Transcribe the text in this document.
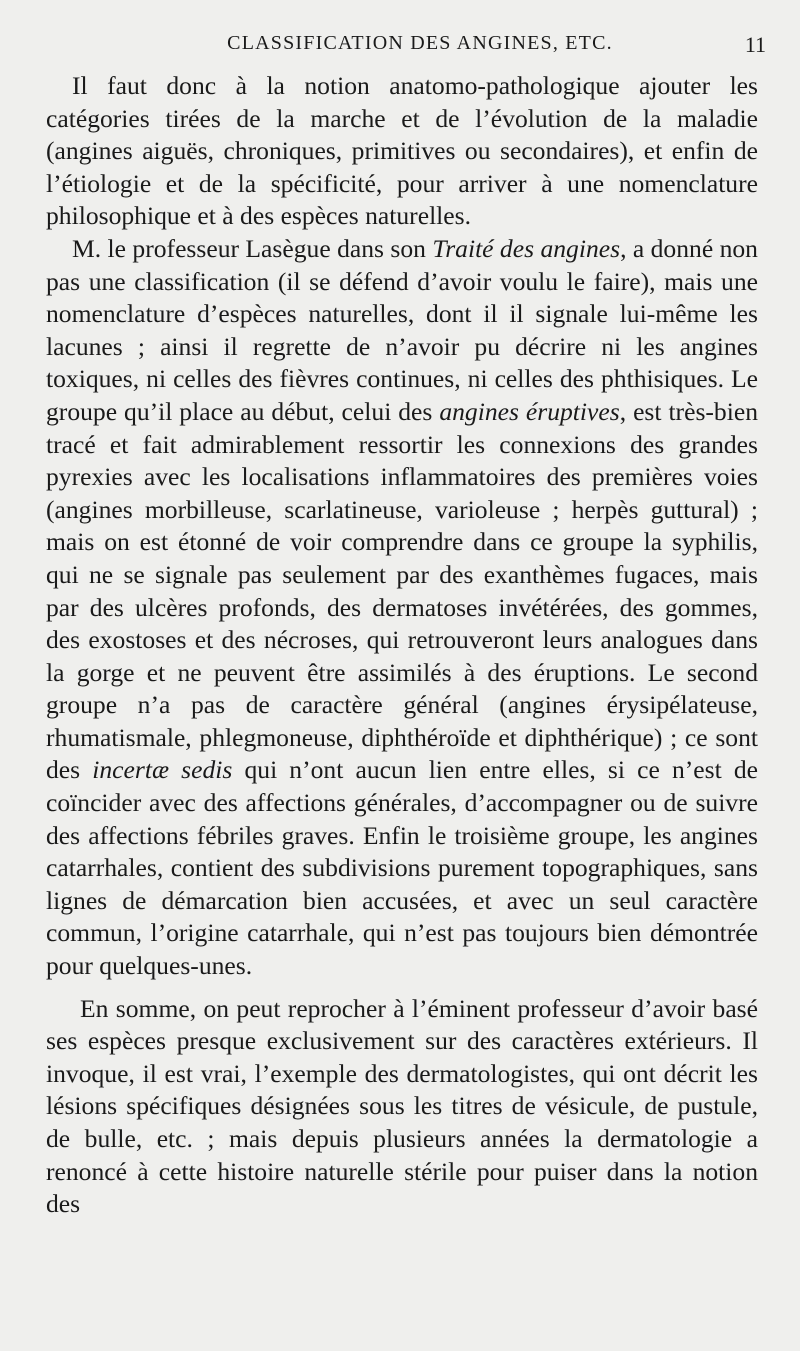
CLASSIFICATION DES ANGINES, ETC.	11

Il faut donc à la notion anatomo-pathologique ajouter les catégories tirées de la marche et de l’évolution de la maladie (angines aiguës, chroniques, primitives ou secondaires), et enfin de l’étiologie et de la spécificité, pour arriver à une nomenclature philosophique et à des espèces naturelles.

M. le professeur Lasègue dans son Traité des angines, a donné non pas une classification (il se défend d’avoir voulu le faire), mais une nomenclature d’espèces naturelles, dont il il signale lui-même les lacunes ; ainsi il regrette de n’avoir pu décrire ni les angines toxiques, ni celles des fièvres continues, ni celles des phthisiques. Le groupe qu’il place au début, celui des angines éruptives, est très-bien tracé et fait admirablement ressortir les connexions des grandes pyrexies avec les localisations inflammatoires des premières voies (angines morbilleuse, scarlatineuse, varioleuse ; herpès guttural) ; mais on est étonné de voir comprendre dans ce groupe la syphilis, qui ne se signale pas seulement par des exanthèmes fugaces, mais par des ulcères profonds, des dermatoses invétérées, des gommes, des exostoses et des nécroses, qui retrouveront leurs analogues dans la gorge et ne peuvent être assimilés à des éruptions. Le second groupe n’a pas de caractère général (angines érysipélateuse, rhumatismale, phlegmoneuse, diphthéroïde et diphthérique) ; ce sont des incertæ sedis qui n’ont aucun lien entre elles, si ce n’est de coïncider avec des affections générales, d’accompagner ou de suivre des affections fébriles graves. Enfin le troisième groupe, les angines catarrhales, contient des subdivisions purement topographiques, sans lignes de démarcation bien accusées, et avec un seul caractère commun, l’origine catarrhale, qui n’est pas toujours bien démontrée pour quelques-unes.

En somme, on peut reprocher à l’éminent professeur d’avoir basé ses espèces presque exclusivement sur des caractères extérieurs. Il invoque, il est vrai, l’exemple des dermatologistes, qui ont décrit les lésions spécifiques désignées sous les titres de vésicule, de pustule, de bulle, etc. ; mais depuis plusieurs années la dermatologie a renoncé à cette histoire naturelle stérile pour puiser dans la notion des
